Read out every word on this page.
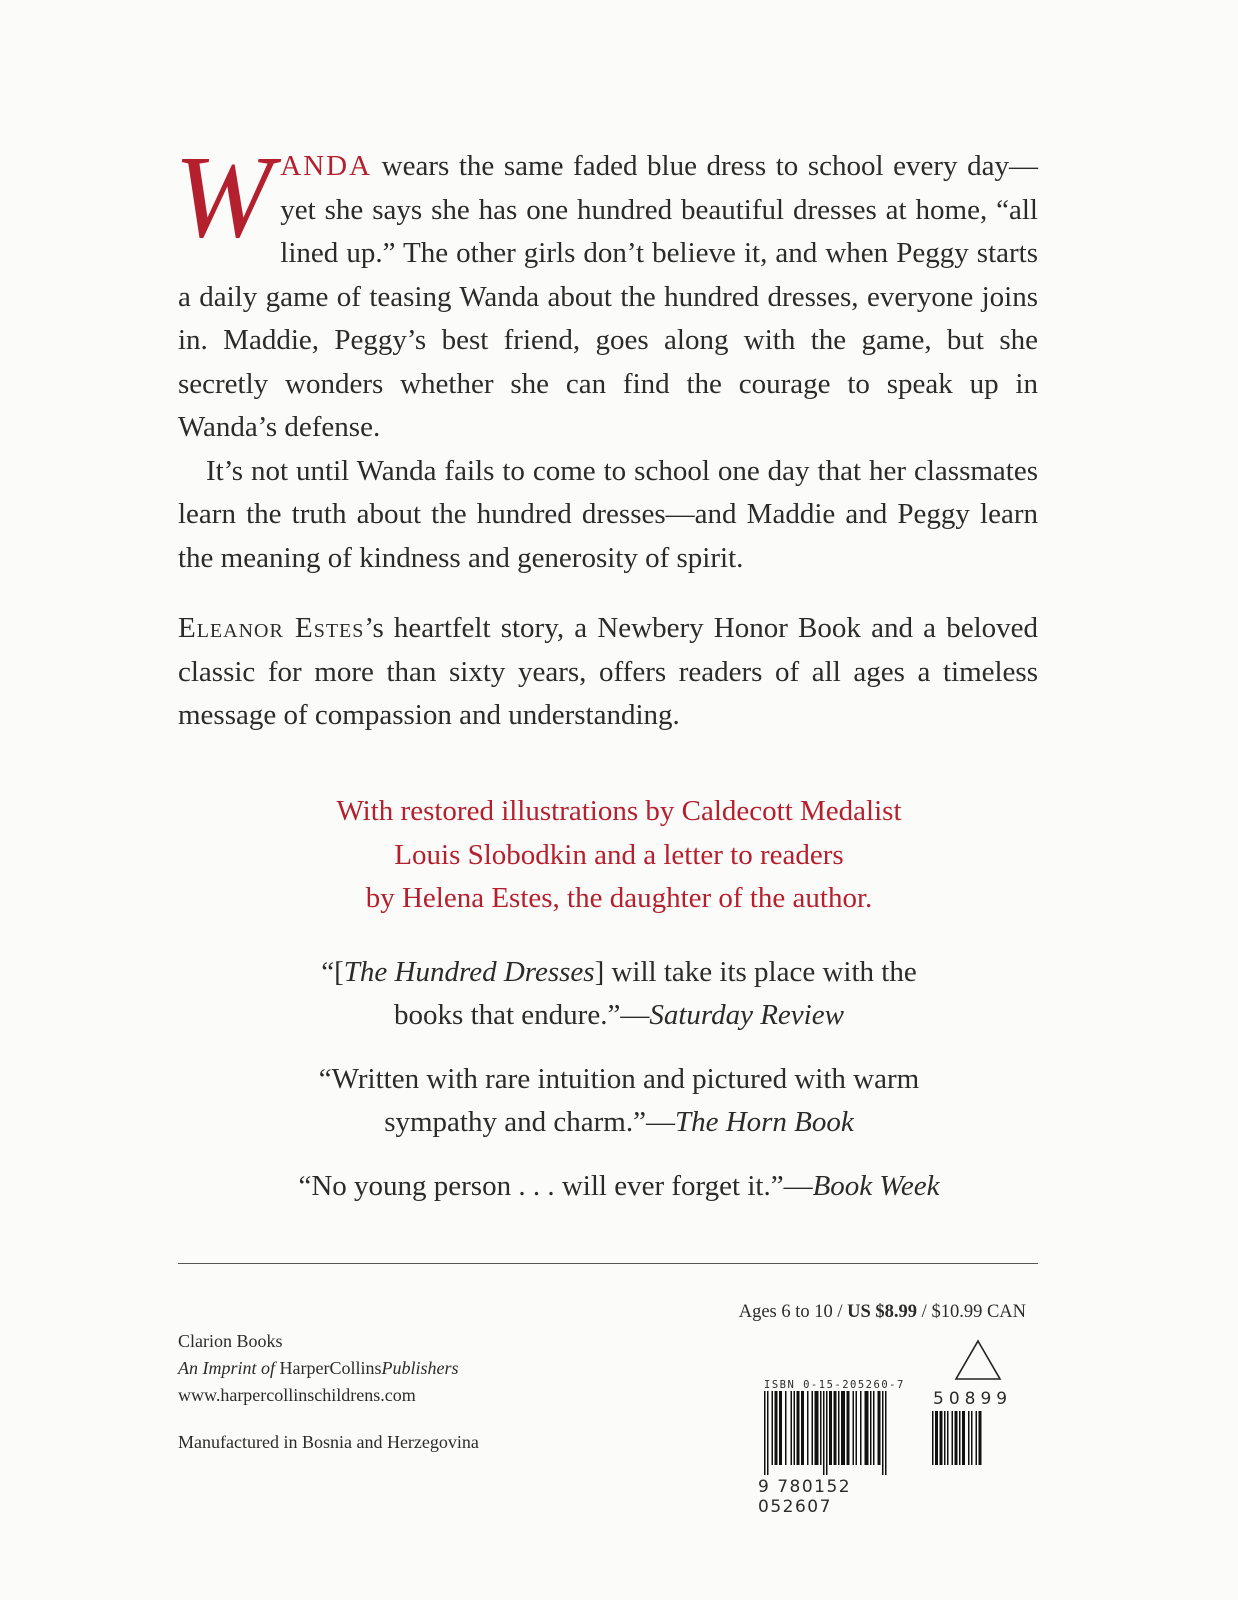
WANDA wears the same faded blue dress to school every day—yet she says she has one hundred beautiful dresses at home, “all lined up.” The other girls don’t believe it, and when Peggy starts a daily game of teasing Wanda about the hundred dresses, everyone joins in. Maddie, Peggy’s best friend, goes along with the game, but she secretly wonders whether she can find the courage to speak up in Wanda’s defense.

It’s not until Wanda fails to come to school one day that her classmates learn the truth about the hundred dresses—and Maddie and Peggy learn the meaning of kindness and generosity of spirit.

Eleanor Estes’s heartfelt story, a Newbery Honor Book and a beloved classic for more than sixty years, offers readers of all ages a timeless message of compassion and understanding.

With restored illustrations by Caldecott Medalist
Louis Slobodkin and a letter to readers
by Helena Estes, the daughter of the author.
“[The Hundred Dresses] will take its place with the
books that endure.”—Saturday Review
“Written with rare intuition and pictured with warm
sympathy and charm.”—The Horn Book
“No young person . . . will ever forget it.”—Book Week
Clarion Books
An Imprint of HarperCollinsPublishers
www.harpercollinschildrens.com
Manufactured in Bosnia and Herzegovina
Ages 6 to 10 / US $8.99 / $10.99 CAN
ISBN 0-15-205260-7
9 780152 052607
50899
